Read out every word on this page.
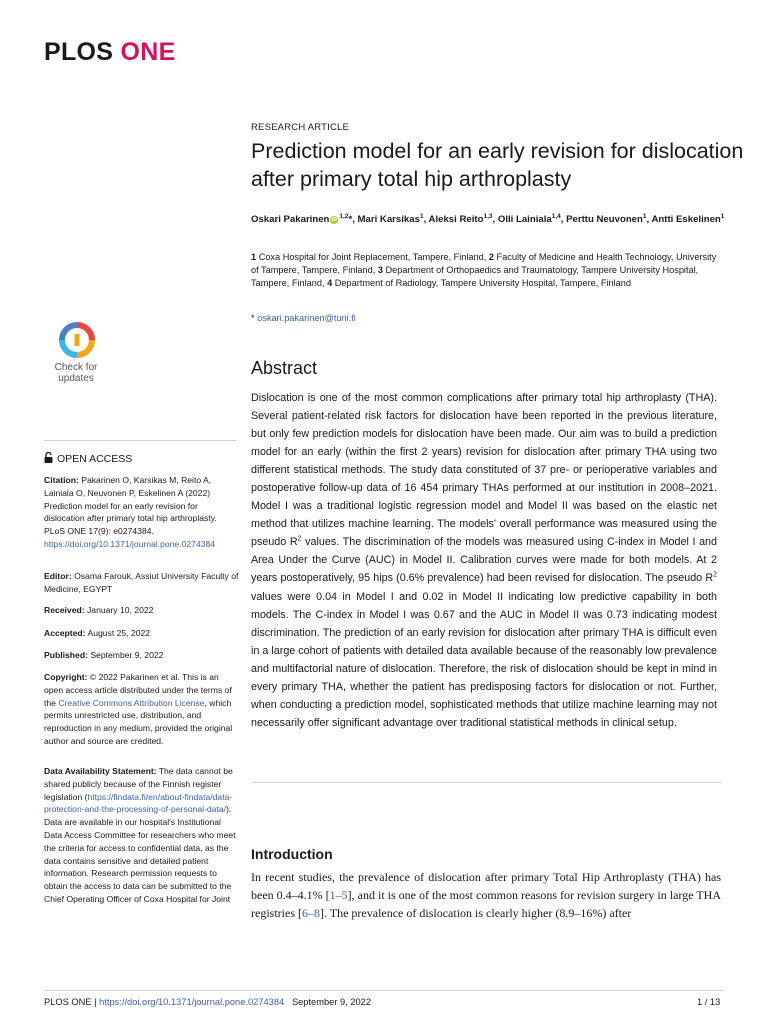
PLOS ONE
RESEARCH ARTICLE
Prediction model for an early revision for dislocation after primary total hip arthroplasty
Oskari Pakarinen iD $^{1,2}$*, Mari Karsikas$^1$, Aleksi Reito$^{1,3}$, Olli Lainiala$^{1,4}$, Perttu Neuvonen$^1$, Antti Eskelinen$^1$
1 Coxa Hospital for Joint Replacement, Tampere, Finland, 2 Faculty of Medicine and Health Technology, University of Tampere, Tampere, Finland, 3 Department of Orthopaedics and Traumatology, Tampere University Hospital, Tampere, Finland, 4 Department of Radiology, Tampere University Hospital, Tampere, Finland
* oskari.pakarinen@tuni.fi
Check for
updates
OPEN ACCESS
Citation: Pakarinen O, Karsikas M, Reito A, Lainiala O, Neuvonen P, Eskelinen A (2022) Prediction model for an early revision for dislocation after primary total hip arthroplasty. PLoS ONE 17(9): e0274384. https://doi.org/10.1371/journal.pone.0274384
Editor: Osama Farouk, Assiut University Faculty of Medicine, EGYPT
Received: January 10, 2022
Accepted: August 25, 2022
Published: September 9, 2022
Copyright: © 2022 Pakarinen et al. This is an open access article distributed under the terms of the Creative Commons Attribution License, which permits unrestricted use, distribution, and reproduction in any medium, provided the original author and source are credited.
Data Availability Statement: The data cannot be shared publicly because of the Finnish register legislation (https://findata.fi/en/about-findata/data-protection-and-the-processing-of-personal-data/). Data are available in our hospital's Institutional Data Access Committee for researchers who meet the criteria for access to confidential data, as the data contains sensitive and detailed patient information. Research permission requests to obtain the access to data can be submitted to the Chief Operating Officer of Coxa Hospital for Joint
Abstract
Dislocation is one of the most common complications after primary total hip arthroplasty (THA). Several patient-related risk factors for dislocation have been reported in the previous literature, but only few prediction models for dislocation have been made. Our aim was to build a prediction model for an early (within the first 2 years) revision for dislocation after primary THA using two different statistical methods. The study data constituted of 37 pre- or perioperative variables and postoperative follow-up data of 16 454 primary THAs performed at our institution in 2008–2021. Model I was a traditional logistic regression model and Model II was based on the elastic net method that utilizes machine learning. The models' overall performance was measured using the pseudo $R^2$ values. The discrimination of the models was measured using C-index in Model I and Area Under the Curve (AUC) in Model II. Calibration curves were made for both models. At 2 years postoperatively, 95 hips (0.6% prevalence) had been revised for dislocation. The pseudo $R^2$ values were 0.04 in Model I and 0.02 in Model II indicating low predictive capability in both models. The C-index in Model I was 0.67 and the AUC in Model II was 0.73 indicating modest discrimination. The prediction of an early revision for dislocation after primary THA is difficult even in a large cohort of patients with detailed data available because of the reasonably low prevalence and multifactorial nature of dislocation. Therefore, the risk of dislocation should be kept in mind in every primary THA, whether the patient has predisposing factors for dislocation or not. Further, when conducting a prediction model, sophisticated methods that utilize machine learning may not necessarily offer significant advantage over traditional statistical methods in clinical setup.
Introduction
In recent studies, the prevalence of dislocation after primary Total Hip Arthroplasty (THA) has been 0.4–4.1% [1–5], and it is one of the most common reasons for revision surgery in large THA registries [6–8]. The prevalence of dislocation is clearly higher (8.9–16%) after
PLOS ONE | https://doi.org/10.1371/journal.pone.0274384 September 9, 2022	1 / 13
